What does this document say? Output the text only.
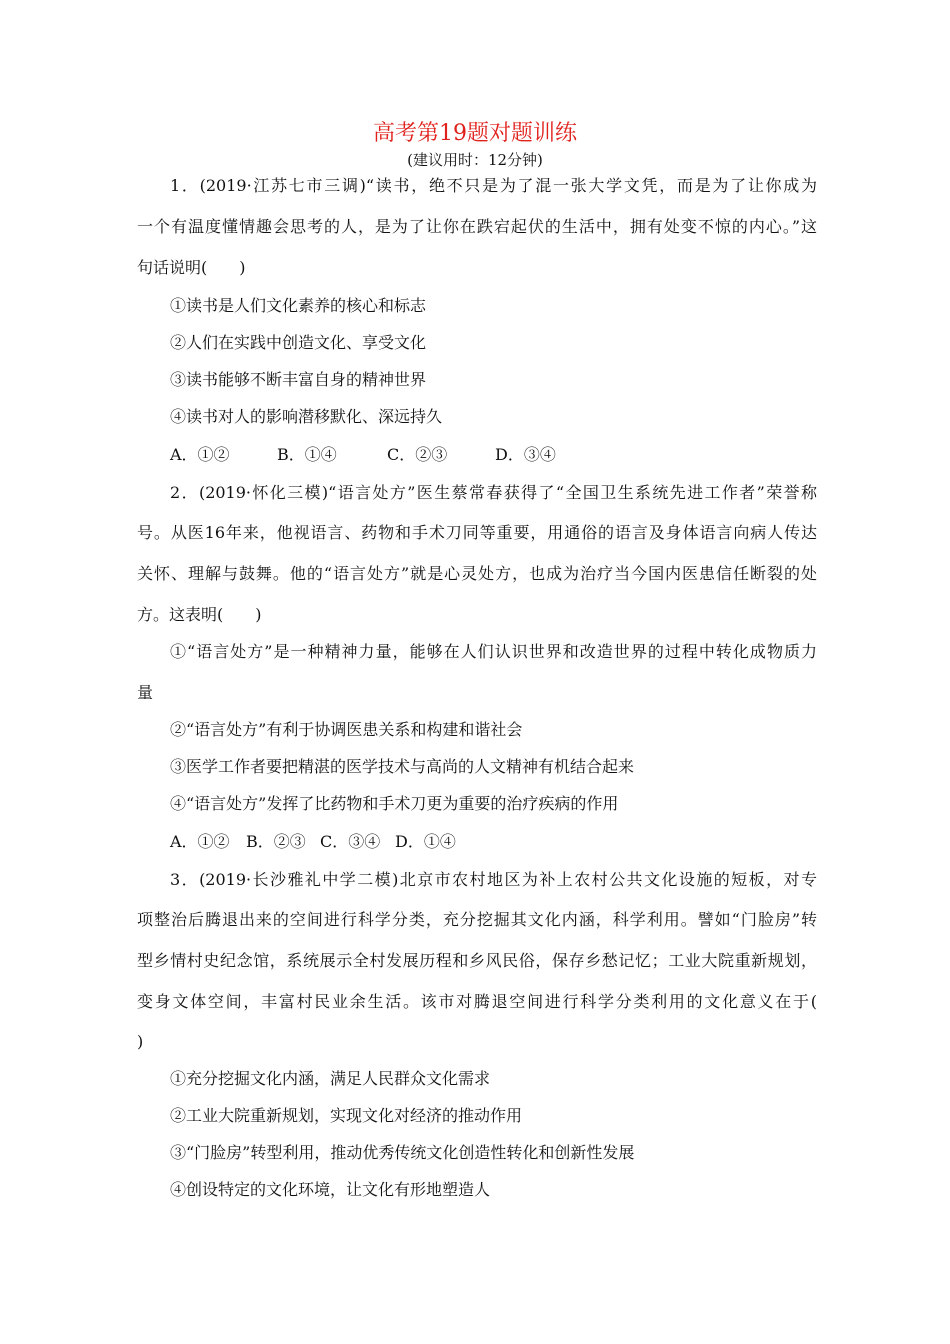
高考第19题对题训练
(建议用时：12分钟)
1．(2019·江苏七市三调)“读书，绝不只是为了混一张大学文凭，而是为了让你成为
一个有温度懂情趣会思考的人，是为了让你在跌宕起伏的生活中，拥有处变不惊的内心。”这
句话说明(　　)
①读书是人们文化素养的核心和标志
②人们在实践中创造文化、享受文化
③读书能够不断丰富自身的精神世界
④读书对人的影响潜移默化、深远持久
A．①②	B．①④	C．②③	D．③④
2．(2019·怀化三模)“语言处方”医生蔡常春获得了“全国卫生系统先进工作者”荣誉称
号。从医16年来，他视语言、药物和手术刀同等重要，用通俗的语言及身体语言向病人传达
关怀、理解与鼓舞。他的“语言处方”就是心灵处方，也成为治疗当今国内医患信任断裂的处
方。这表明(　　)
①“语言处方”是一种精神力量，能够在人们认识世界和改造世界的过程中转化成物质力
量
②“语言处方”有利于协调医患关系和构建和谐社会
③医学工作者要把精湛的医学技术与高尚的人文精神有机结合起来
④“语言处方”发挥了比药物和手术刀更为重要的治疗疾病的作用
A．①② B．②③ C．③④ D．①④
3．(2019·长沙雅礼中学二模)北京市农村地区为补上农村公共文化设施的短板，对专
项整治后腾退出来的空间进行科学分类，充分挖掘其文化内涵，科学利用。譬如“门脸房”转
型乡情村史纪念馆，系统展示全村发展历程和乡风民俗，保存乡愁记忆；工业大院重新规划，
变身文体空间，丰富村民业余生活。该市对腾退空间进行科学分类利用的文化意义在于(
)
①充分挖掘文化内涵，满足人民群众文化需求
②工业大院重新规划，实现文化对经济的推动作用
③“门脸房”转型利用，推动优秀传统文化创造性转化和创新性发展
④创设特定的文化环境，让文化有形地塑造人
